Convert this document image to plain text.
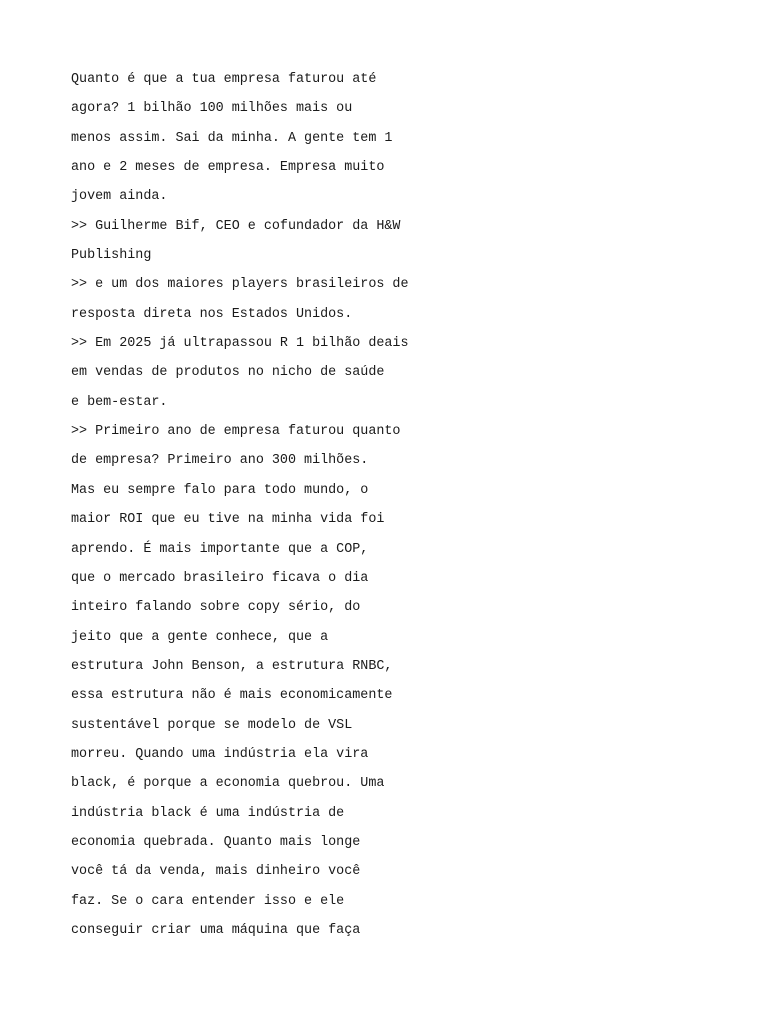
Quanto é que a tua empresa faturou até
agora? 1 bilhão 100 milhões mais ou
menos assim. Sai da minha. A gente tem 1
ano e 2 meses de empresa. Empresa muito
jovem ainda.
>> Guilherme Bif, CEO e cofundador da H&W
Publishing
>> e um dos maiores players brasileiros de
resposta direta nos Estados Unidos.
>> Em 2025 já ultrapassou R 1 bilhão deais
em vendas de produtos no nicho de saúde
e bem-estar.
>> Primeiro ano de empresa faturou quanto
de empresa? Primeiro ano 300 milhões.
Mas eu sempre falo para todo mundo, o
maior ROI que eu tive na minha vida foi
aprendo. É mais importante que a COP,
que o mercado brasileiro ficava o dia
inteiro falando sobre copy sério, do
jeito que a gente conhece, que a
estrutura John Benson, a estrutura RNBC,
essa estrutura não é mais economicamente
sustentável porque se modelo de VSL
morreu. Quando uma indústria ela vira
black, é porque a economia quebrou. Uma
indústria black é uma indústria de
economia quebrada. Quanto mais longe
você tá da venda, mais dinheiro você
faz. Se o cara entender isso e ele
conseguir criar uma máquina que faça
